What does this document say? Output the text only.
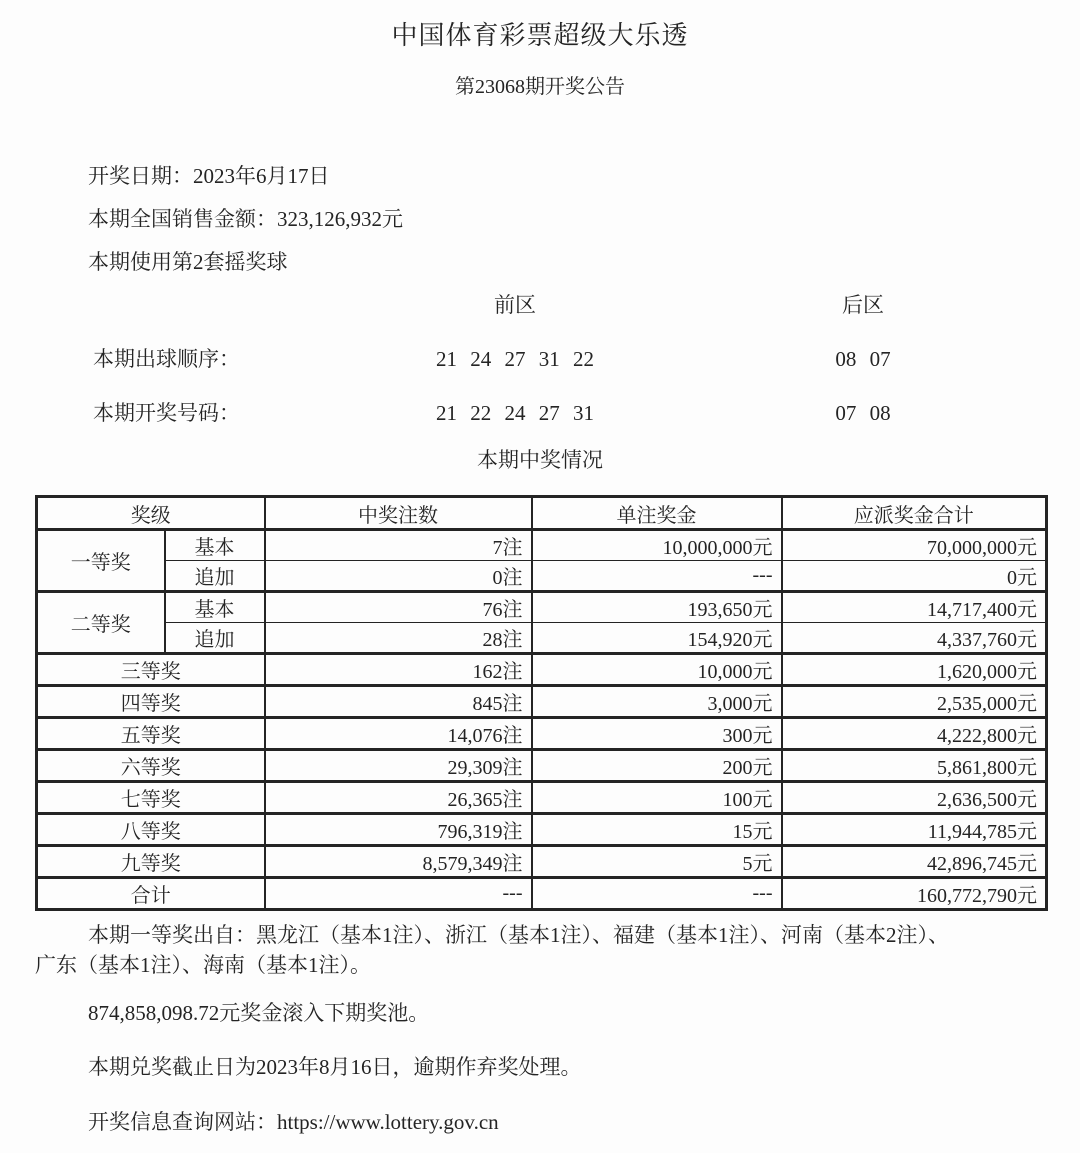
中国体育彩票超级大乐透
第23068期开奖公告
开奖日期：2023年6月17日
本期全国销售金额：323,126,932元
本期使用第2套摇奖球
前区	后区
本期出球顺序：	21 24 27 31 22	08 07
本期开奖号码：	21 22 24 27 31	07 08
本期中奖情况
奖级		中奖注数	单注奖金	应派奖金合计
一等奖	基本	7注	10,000,000元	70,000,000元
	追加	0注	---	0元
二等奖	基本	76注	193,650元	14,717,400元
	追加	28注	154,920元	4,337,760元
三等奖		162注	10,000元	1,620,000元
四等奖		845注	3,000元	2,535,000元
五等奖		14,076注	300元	4,222,800元
六等奖		29,309注	200元	5,861,800元
七等奖		26,365注	100元	2,636,500元
八等奖		796,319注	15元	11,944,785元
九等奖		8,579,349注	5元	42,896,745元
合计		---	---	160,772,790元
本期一等奖出自：黑龙江（基本1注）、浙江（基本1注）、福建（基本1注）、河南（基本2注）、
广东（基本1注）、海南（基本1注）。
874,858,098.72元奖金滚入下期奖池。
本期兑奖截止日为2023年8月16日，逾期作弃奖处理。
开奖信息查询网站：https://www.lottery.gov.cn
